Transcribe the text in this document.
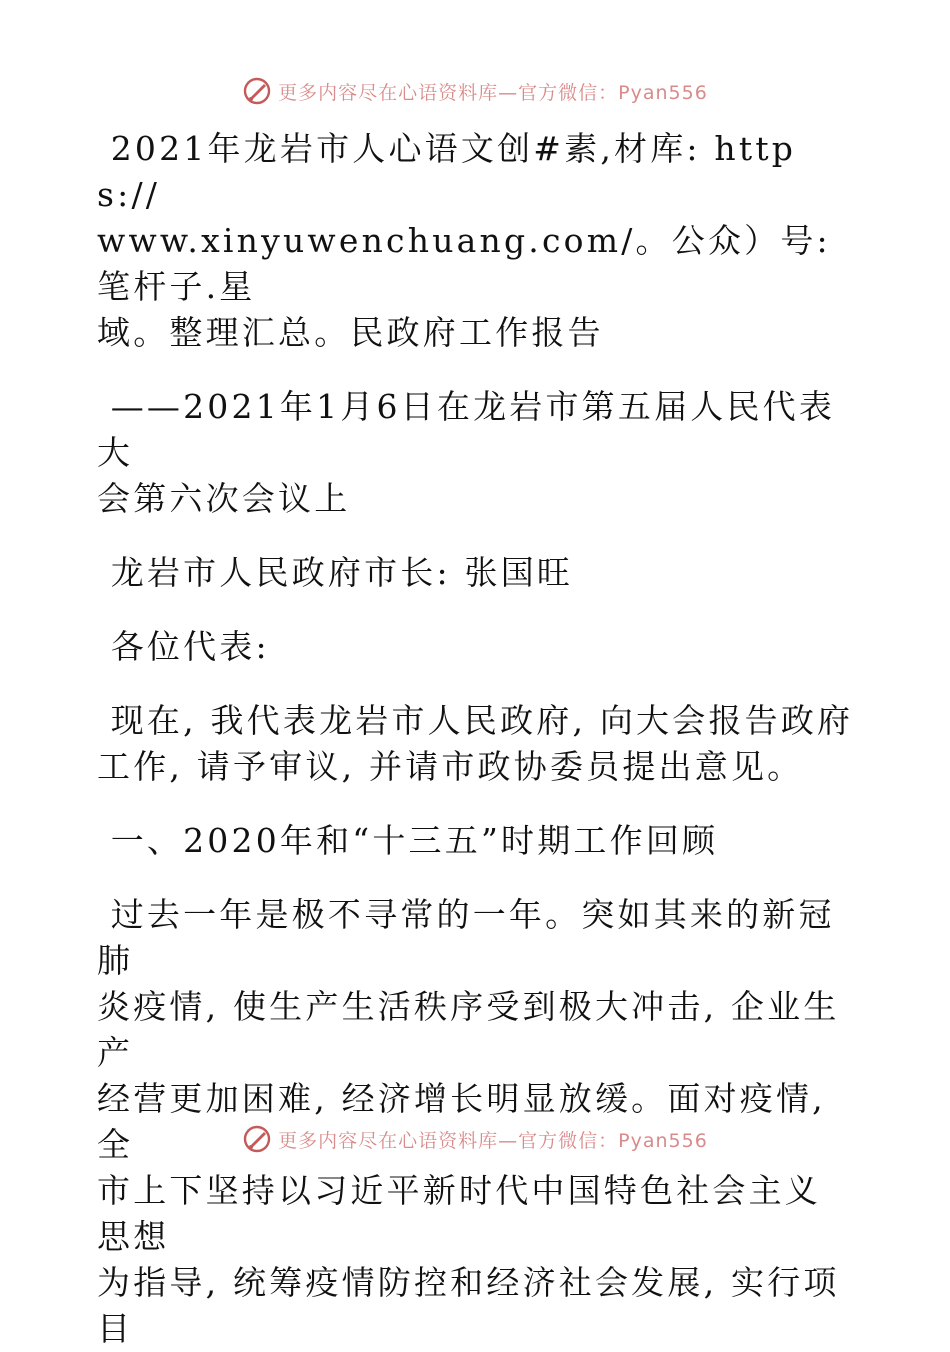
更多内容尽在心语资料库—官方微信：Pyan556

2021年龙岩市人心语文创#素,材库: https://
www.xinyuwenchuang.com/。公众）号: 笔杆子.星
域。整理汇总。民政府工作报告

——2021年1月6日在龙岩市第五届人民代表大
会第六次会议上

龙岩市人民政府市长: 张国旺

各位代表:

现在, 我代表龙岩市人民政府, 向大会报告政府
工作, 请予审议, 并请市政协委员提出意见。

一、2020年和“十三五”时期工作回顾

过去一年是极不寻常的一年。突如其来的新冠肺
炎疫情, 使生产生活秩序受到极大冲击, 企业生产
经营更加困难, 经济增长明显放缓。面对疫情, 全
市上下坚持以习近平新时代中国特色社会主义思想
为指导, 统筹疫情防控和经济社会发展, 实行项目

更多内容尽在心语资料库—官方微信：Pyan556
